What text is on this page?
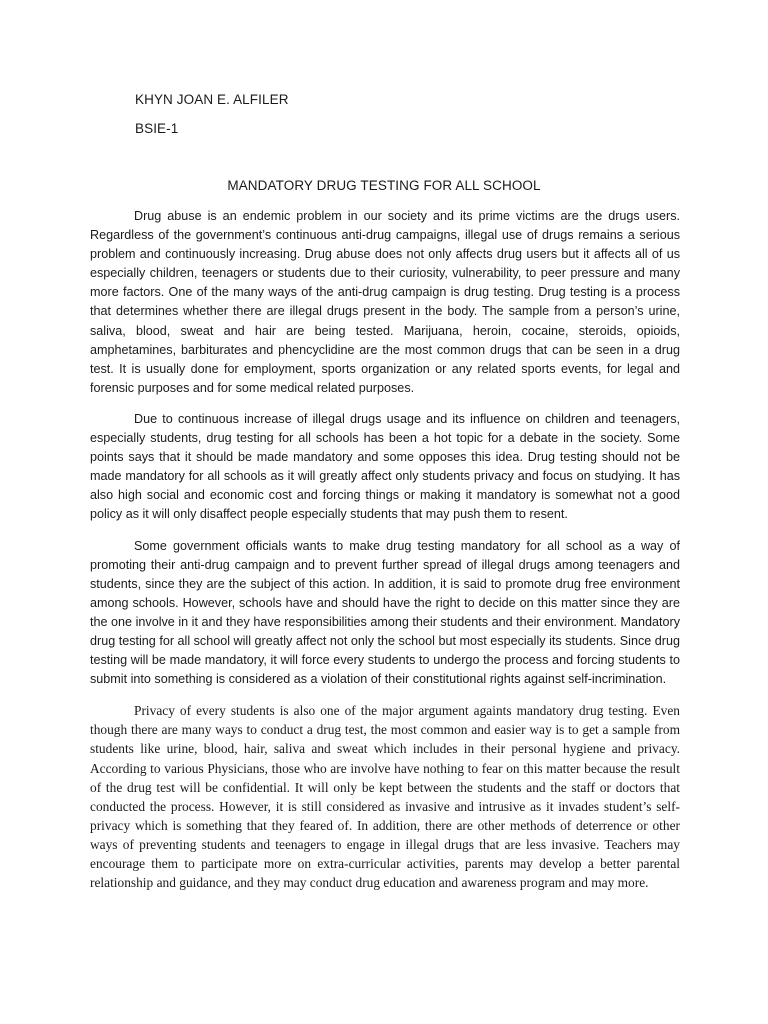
KHYN JOAN E. ALFILER
BSIE-1
MANDATORY DRUG TESTING FOR ALL SCHOOL

Drug abuse is an endemic problem in our society and its prime victims are the drugs users. Regardless of the government’s continuous anti-drug campaigns, illegal use of drugs remains a serious problem and continuously increasing. Drug abuse does not only affects drug users but it affects all of us especially children, teenagers or students due to their curiosity, vulnerability, to peer pressure and many more factors. One of the many ways of the anti-drug campaign is drug testing. Drug testing is a process that determines whether there are illegal drugs present in the body. The sample from a person’s urine, saliva, blood, sweat and hair are being tested. Marijuana, heroin, cocaine, steroids, opioids, amphetamines, barbiturates and phencyclidine are the most common drugs that can be seen in a drug test. It is usually done for employment, sports organization or any related sports events, for legal and forensic purposes and for some medical related purposes.

Due to continuous increase of illegal drugs usage and its influence on children and teenagers, especially students, drug testing for all schools has been a hot topic for a debate in the society. Some points says that it should be made mandatory and some opposes this idea. Drug testing should not be made mandatory for all schools as it will greatly affect only students privacy and focus on studying. It has also high social and economic cost and forcing things or making it mandatory is somewhat not a good policy as it will only disaffect people especially students that may push them to resent.

Some government officials wants to make drug testing mandatory for all school as a way of promoting their anti-drug campaign and to prevent further spread of illegal drugs among teenagers and students, since they are the subject of this action. In addition, it is said to promote drug free environment among schools. However, schools have and should have the right to decide on this matter since they are the one involve in it and they have responsibilities among their students and their environment. Mandatory drug testing for all school will greatly affect not only the school but most especially its students. Since drug testing will be made mandatory, it will force every students to undergo the process and forcing students to submit into something is considered as a violation of their constitutional rights against self-incrimination.

Privacy of every students is also one of the major argument againts mandatory drug testing. Even though there are many ways to conduct a drug test, the most common and easier way is to get a sample from students like urine, blood, hair, saliva and sweat which includes in their personal hygiene and privacy. According to various Physicians, those who are involve have nothing to fear on this matter because the result of the drug test will be confidential. It will only be kept between the students and the staff or doctors that conducted the process. However, it is still considered as invasive and intrusive as it invades student’s self-privacy which is something that they feared of. In addition, there are other methods of deterrence or other ways of preventing students and teenagers to engage in illegal drugs that are less invasive. Teachers may encourage them to participate more on extra-curricular activities, parents may develop a better parental relationship and guidance, and they may conduct drug education and awareness program and may more.
